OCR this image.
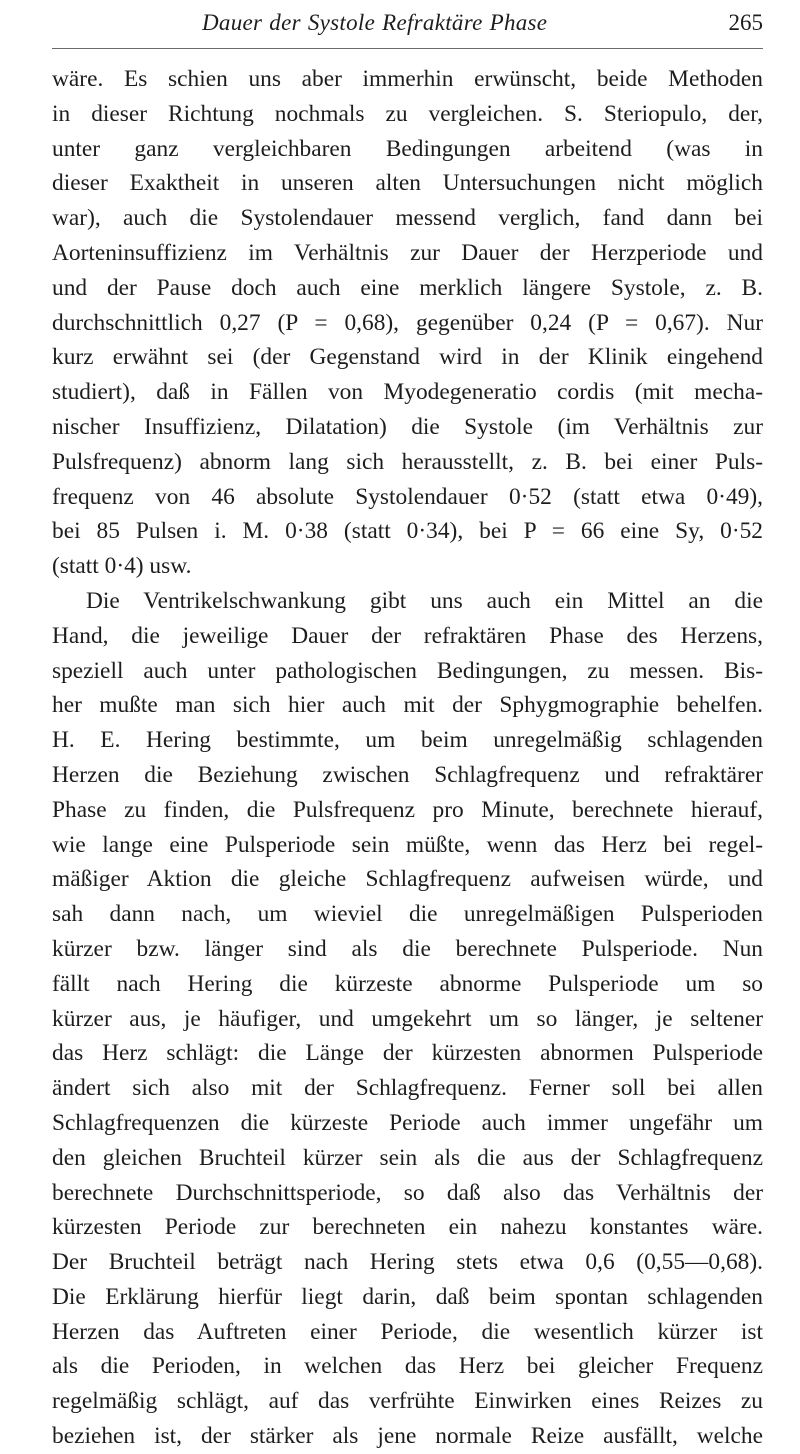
Dauer der Systole Refraktäre Phase	265
wäre. Es schien uns aber immerhin erwünscht, beide Methoden
in dieser Richtung nochmals zu vergleichen. S. Steriopulo, der,
unter ganz vergleichbaren Bedingungen arbeitend (was in
dieser Exaktheit in unseren alten Untersuchungen nicht möglich
war), auch die Systolendauer messend verglich, fand dann bei
Aorteninsuffizienz im Verhältnis zur Dauer der Herzperiode und
und der Pause doch auch eine merklich längere Systole, z. B.
durchschnittlich 0,27 (P = 0,68), gegenüber 0,24 (P = 0,67). Nur
kurz erwähnt sei (der Gegenstand wird in der Klinik eingehend
studiert), daß in Fällen von Myodegeneratio cordis (mit mecha-
nischer Insuffizienz, Dilatation) die Systole (im Verhältnis zur
Pulsfrequenz) abnorm lang sich herausstellt, z. B. bei einer Puls-
frequenz von 46 absolute Systolendauer 0·52 (statt etwa 0·49),
bei 85 Pulsen i. M. 0·38 (statt 0·34), bei P = 66 eine Sy, 0·52
(statt 0·4) usw.
Die Ventrikelschwankung gibt uns auch ein Mittel an die
Hand, die jeweilige Dauer der refraktären Phase des Herzens,
speziell auch unter pathologischen Bedingungen, zu messen. Bis-
her mußte man sich hier auch mit der Sphygmographie behelfen.
H. E. Hering bestimmte, um beim unregelmäßig schlagenden
Herzen die Beziehung zwischen Schlagfrequenz und refraktärer
Phase zu finden, die Pulsfrequenz pro Minute, berechnete hierauf,
wie lange eine Pulsperiode sein müßte, wenn das Herz bei regel-
mäßiger Aktion die gleiche Schlagfrequenz aufweisen würde, und
sah dann nach, um wieviel die unregelmäßigen Pulsperioden
kürzer bzw. länger sind als die berechnete Pulsperiode. Nun
fällt nach Hering die kürzeste abnorme Pulsperiode um so
kürzer aus, je häufiger, und umgekehrt um so länger, je seltener
das Herz schlägt: die Länge der kürzesten abnormen Pulsperiode
ändert sich also mit der Schlagfrequenz. Ferner soll bei allen
Schlagfrequenzen die kürzeste Periode auch immer ungefähr um
den gleichen Bruchteil kürzer sein als die aus der Schlagfrequenz
berechnete Durchschnittsperiode, so daß also das Verhältnis der
kürzesten Periode zur berechneten ein nahezu konstantes wäre.
Der Bruchteil beträgt nach Hering stets etwa 0,6 (0,55—0,68).
Die Erklärung hierfür liegt darin, daß beim spontan schlagenden
Herzen das Auftreten einer Periode, die wesentlich kürzer ist
als die Perioden, in welchen das Herz bei gleicher Frequenz
regelmäßig schlägt, auf das verfrühte Einwirken eines Reizes zu
beziehen ist, der stärker als jene normale Reize ausfällt, welche
